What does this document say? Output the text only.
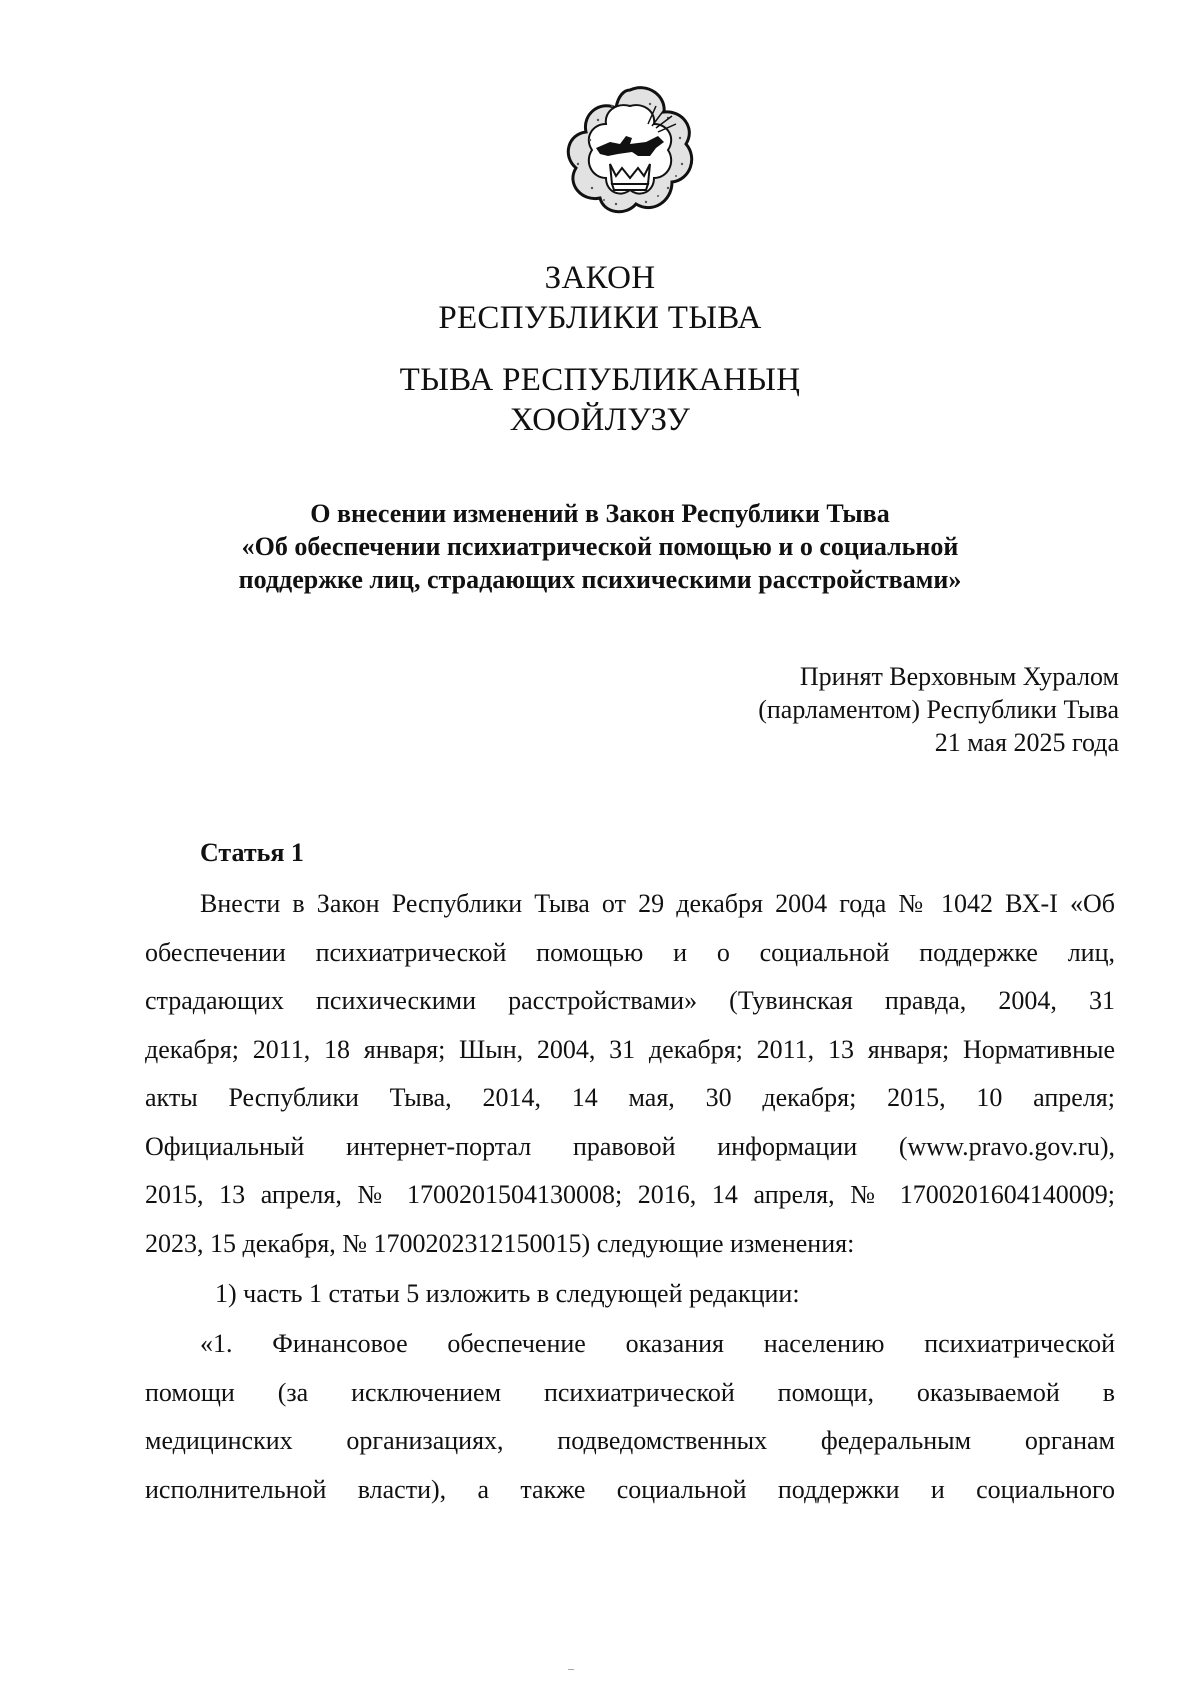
ЗАКОН
РЕСПУБЛИКИ ТЫВА
ТЫВА РЕСПУБЛИКАНЫҢ
ХООЙЛУЗУ
О внесении изменений в Закон Республики Тыва
«Об обеспечении психиатрической помощью и о социальной
поддержке лиц, страдающих психическими расстройствами»
Принят Верховным Хуралом
(парламентом) Республики Тыва
21 мая 2025 года
Статья 1
Внести в Закон Республики Тыва от 29 декабря 2004 года № 1042 ВХ-I «Об
обеспечении психиатрической помощью и о социальной поддержке лиц,
страдающих психическими расстройствами» (Тувинская правда, 2004, 31
декабря; 2011, 18 января; Шын, 2004, 31 декабря; 2011, 13 января; Нормативные
акты Республики Тыва, 2014, 14 мая, 30 декабря; 2015, 10 апреля;
Официальный интернет-портал правовой информации (www.pravo.gov.ru),
2015, 13 апреля, № 1700201504130008; 2016, 14 апреля, № 1700201604140009;
2023, 15 декабря, № 1700202312150015) следующие изменения:
1) часть 1 статьи 5 изложить в следующей редакции:
«1. Финансовое обеспечение оказания населению психиатрической
помощи (за исключением психиатрической помощи, оказываемой в
медицинских организациях, подведомственных федеральным органам
исполнительной власти), а также социальной поддержки и социального
